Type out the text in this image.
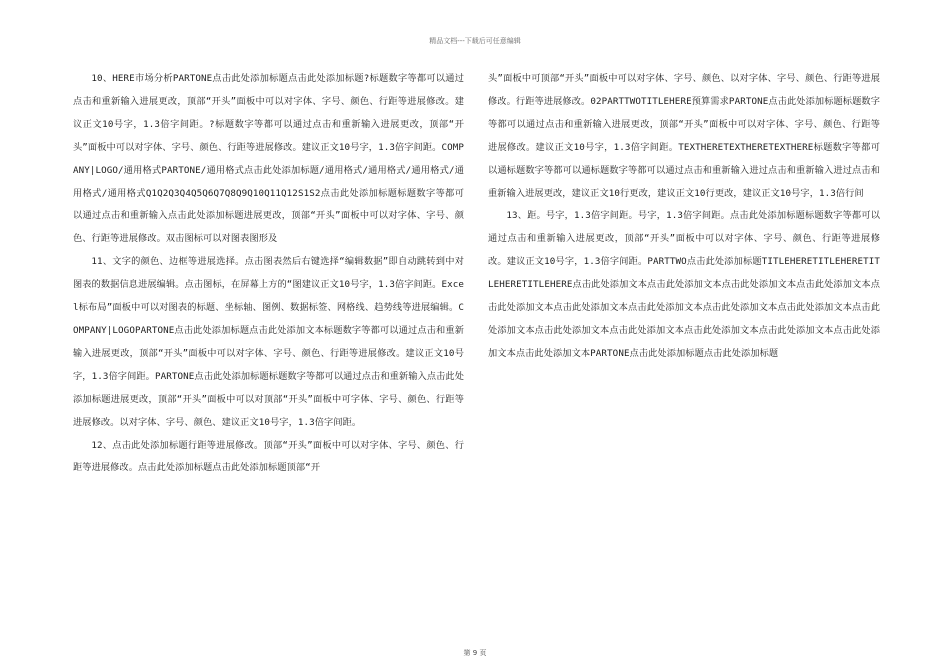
精品文档---下载后可任意编辑

10、HERE市场分析PARTONE点击此处添加标题点击此处添加标题?标题数字等都可以通过点击和重新输入进展更改，顶部“开头”面板中可以对字体、字号、颜色、行距等进展修改。建议正文10号字，1.3倍字间距。?标题数字等都可以通过点击和重新输入进展更改，顶部“开头”面板中可以对字体、字号、颜色、行距等进展修改。建议正文10号字，1.3倍字间距。COMPANY|LOGO/通用格式PARTONE/通用格式点击此处添加标题/通用格式/通用格式/通用格式/通用格式/通用格式Q1Q2Q3Q4Q5Q6Q7Q8Q9Q10Q11Q12S1S2点击此处添加标题标题数字等都可以通过点击和重新输入点击此处添加标题进展更改，顶部“开头”面板中可以对字体、字号、颜色、行距等进展修改。双击图标可以对图表图形及

11、文字的颜色、边框等进展选择。点击图表然后右键选择“编辑数据”即自动跳转到中对图表的数据信息进展编辑。点击图标，在屏幕上方的“图建议正文10号字，1.3倍字间距。Excel标布局”面板中可以对图表的标题、坐标轴、图例、数据标签、网格线、趋势线等进展编辑。COMPANY|LOGOPARTONE点击此处添加标题点击此处添加文本标题数字等都可以通过点击和重新输入进展更改，顶部“开头”面板中可以对字体、字号、颜色、行距等进展修改。建议正文10号字，1.3倍字间距。PARTONE点击此处添加标题标题数字等都可以通过点击和重新输入点击此处添加标题进展更改，顶部“开头”面板中可以对顶部“开头”面板中可字体、字号、颜色、行距等进展修改。以对字体、字号、颜色、建议正文10号字，1.3倍字间距。

12、点击此处添加标题行距等进展修改。顶部“开头”面板中可以对字体、字号、颜色、行距等进展修改。点击此处添加标题点击此处添加标题顶部“开

头”面板中可顶部“开头”面板中可以对字体、字号、颜色、以对字体、字号、颜色、行距等进展修改。行距等进展修改。02PARTTWOTITLEHERE预算需求PARTONE点击此处添加标题标题数字等都可以通过点击和重新输入进展更改，顶部“开头”面板中可以对字体、字号、颜色、行距等进展修改。建议正文10号字，1.3倍字间距。TEXTHERETEXTHERETEXTHERE标题数字等都可以通标题数字等都可以通标题数字等都可以通过点击和重新输入进过点击和重新输入进过点击和重新输入进展更改，建议正文10行更改，建议正文10行更改，建议正文10号字，1.3倍行间

13、距。号字，1.3倍字间距。号字，1.3倍字间距。点击此处添加标题标题数字等都可以通过点击和重新输入进展更改，顶部“开头”面板中可以对字体、字号、颜色、行距等进展修改。建议正文10号字，1.3倍字间距。PARTTWO点击此处添加标题TITLEHERETITLEHERETITLEHERETITLEHERE点击此处添加文本点击此处添加文本点击此处添加文本点击此处添加文本点击此处添加文本点击此处添加文本点击此处添加文本点击此处添加文本点击此处添加文本点击此处添加文本点击此处添加文本点击此处添加文本点击此处添加文本点击此处添加文本点击此处添加文本点击此处添加文本PARTONE点击此处添加标题点击此处添加标题

第 9 页
